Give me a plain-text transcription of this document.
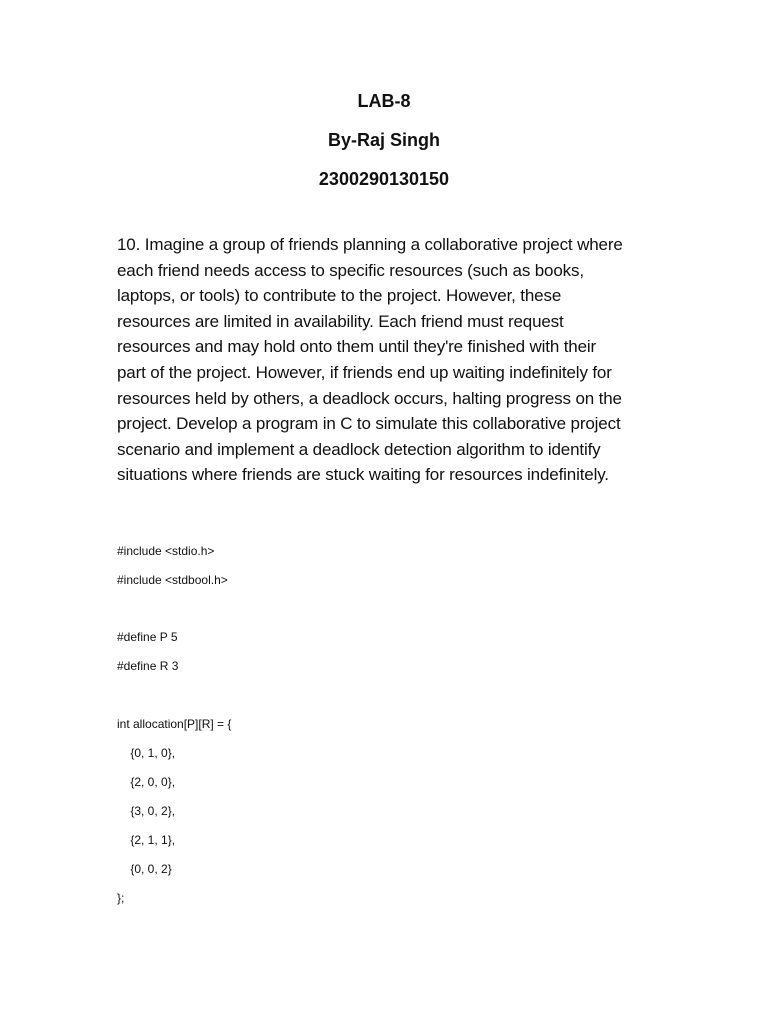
LAB-8
By-Raj Singh
2300290130150
10. Imagine a group of friends planning a collaborative project where
each friend needs access to specific resources (such as books,
laptops, or tools) to contribute to the project. However, these
resources are limited in availability. Each friend must request
resources and may hold onto them until they're finished with their
part of the project. However, if friends end up waiting indefinitely for
resources held by others, a deadlock occurs, halting progress on the
project. Develop a program in C to simulate this collaborative project
scenario and implement a deadlock detection algorithm to identify
situations where friends are stuck waiting for resources indefinitely.
#include <stdio.h>
#include <stdbool.h>
#define P 5
#define R 3
int allocation[P][R] = {
{0, 1, 0},
{2, 0, 0},
{3, 0, 2},
{2, 1, 1},
{0, 0, 2}
};
